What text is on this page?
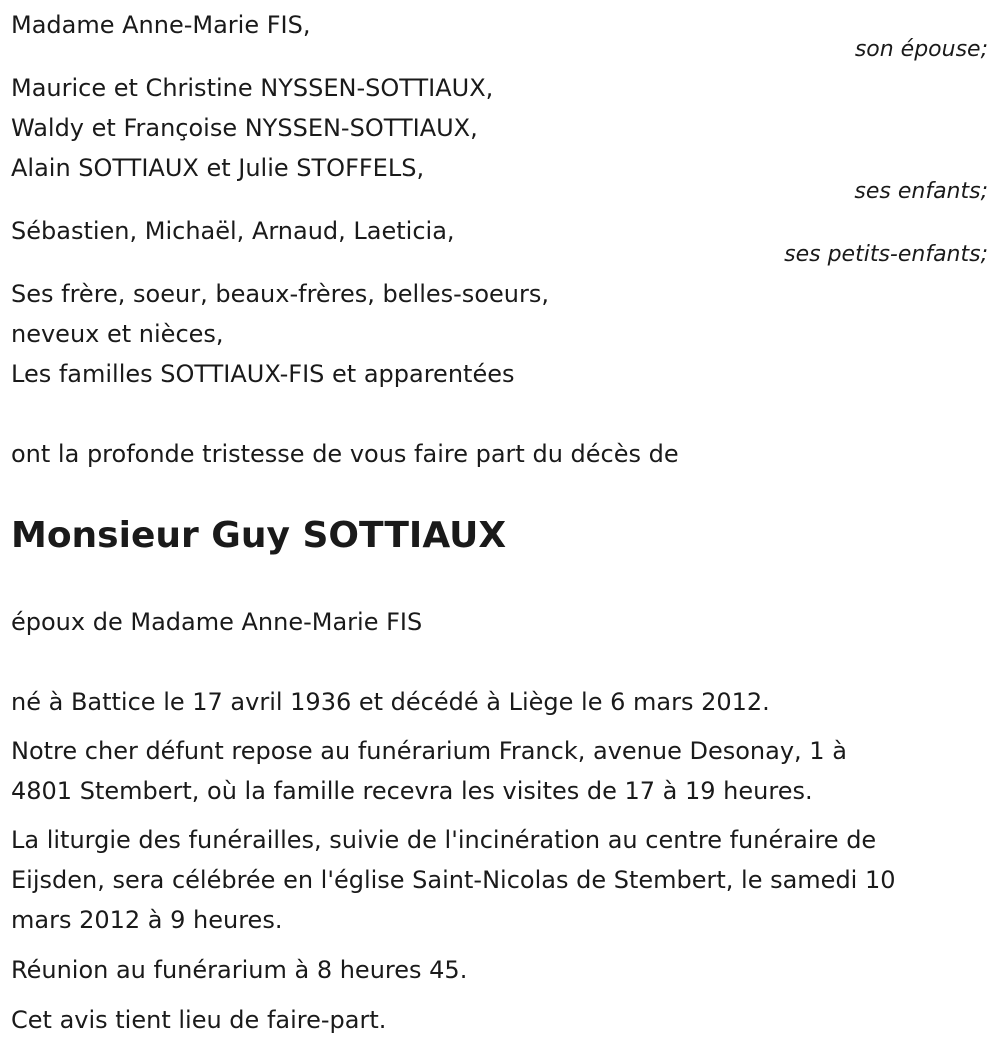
Madame Anne-Marie FIS,
son épouse;
Maurice et Christine NYSSEN-SOTTIAUX,
Waldy et Françoise NYSSEN-SOTTIAUX,
Alain SOTTIAUX et Julie STOFFELS,
ses enfants;
Sébastien, Michaël, Arnaud, Laeticia,
ses petits-enfants;
Ses frère, soeur, beaux-frères, belles-soeurs,
neveux et nièces,
Les familles SOTTIAUX-FIS et apparentées
ont la profonde tristesse de vous faire part du décès de
Monsieur Guy SOTTIAUX
époux de Madame Anne-Marie FIS
né à Battice le 17 avril 1936 et décédé à Liège le 6 mars 2012.
Notre cher défunt repose au funérarium Franck, avenue Desonay, 1 à
4801 Stembert, où la famille recevra les visites de 17 à 19 heures.
La liturgie des funérailles, suivie de l'incinération au centre funéraire de
Eijsden, sera célébrée en l'église Saint-Nicolas de Stembert, le samedi 10
mars 2012 à 9 heures.
Réunion au funérarium à 8 heures 45.
Cet avis tient lieu de faire-part.
